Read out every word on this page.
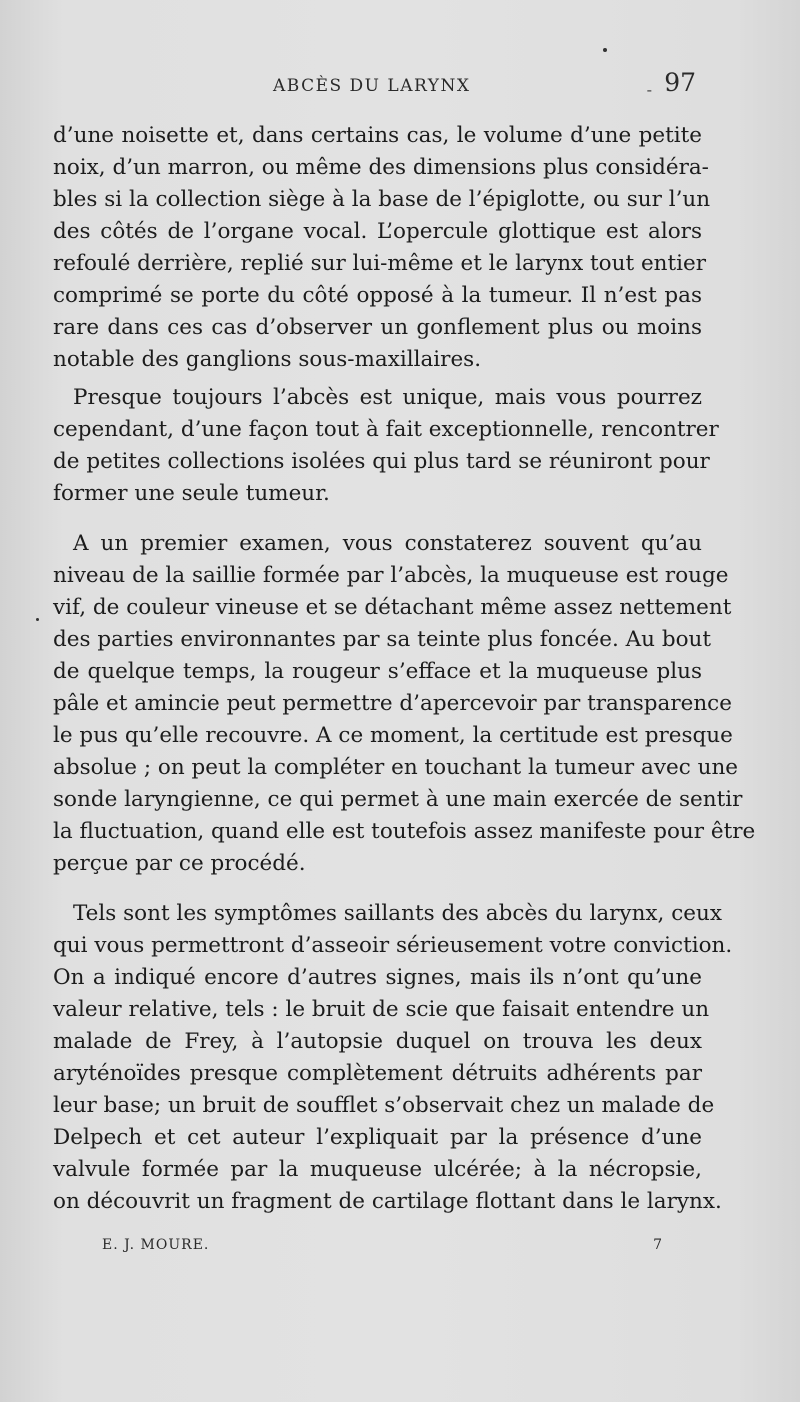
ABCÈS DU LARYNX	- 97
d’une noisette et, dans certains cas, le volume d’une petite
noix, d’un marron, ou même des dimensions plus considéra-
bles si la collection siège à la base de l’épiglotte, ou sur l’un
des côtés de l’organe vocal. L’opercule glottique est alors
refoulé derrière, replié sur lui-même et le larynx tout entier
comprimé se porte du côté opposé à la tumeur. Il n’est pas
rare dans ces cas d’observer un gonflement plus ou moins
notable des ganglions sous-maxillaires.
Presque toujours l’abcès est unique, mais vous pourrez
cependant, d’une façon tout à fait exceptionnelle, rencontrer
de petites collections isolées qui plus tard se réuniront pour
former une seule tumeur.
A un premier examen, vous constaterez souvent qu’au
niveau de la saillie formée par l’abcès, la muqueuse est rouge
vif, de couleur vineuse et se détachant même assez nettement
des parties environnantes par sa teinte plus foncée. Au bout
de quelque temps, la rougeur s’efface et la muqueuse plus
pâle et amincie peut permettre d’apercevoir par transparence
le pus qu’elle recouvre. A ce moment, la certitude est presque
absolue ; on peut la compléter en touchant la tumeur avec une
sonde laryngienne, ce qui permet à une main exercée de sentir
la fluctuation, quand elle est toutefois assez manifeste pour être
perçue par ce procédé.
Tels sont les symptômes saillants des abcès du larynx, ceux
qui vous permettront d’asseoir sérieusement votre conviction.
On a indiqué encore d’autres signes, mais ils n’ont qu’une
valeur relative, tels : le bruit de scie que faisait entendre un
malade de Frey, à l’autopsie duquel on trouva les deux
aryténoïdes presque complètement détruits adhérents par
leur base; un bruit de soufflet s’observait chez un malade de
Delpech et cet auteur l’expliquait par la présence d’une
valvule formée par la muqueuse ulcérée; à la nécropsie,
on découvrit un fragment de cartilage flottant dans le larynx.
E. J. MOURE.	7
